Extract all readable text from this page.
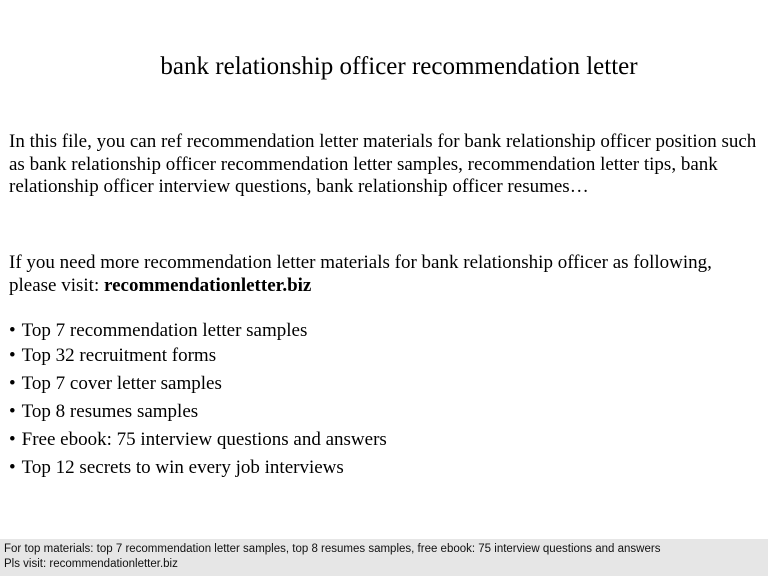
bank relationship officer recommendation letter

In this file, you can ref recommendation letter materials for bank relationship officer position such as bank relationship officer recommendation letter samples, recommendation letter tips, bank relationship officer interview questions, bank relationship officer resumes…

If you need more recommendation letter materials for bank relationship officer as following, please visit: recommendationletter.biz

• Top 7 recommendation letter samples
• Top 32 recruitment forms
• Top 7 cover letter samples
• Top 8 resumes samples
• Free ebook: 75 interview questions and answers
• Top 12 secrets to win every job interviews
For top materials: top 7 recommendation letter samples, top 8 resumes samples, free ebook: 75 interview questions and answers
Pls visit: recommendationletter.biz
